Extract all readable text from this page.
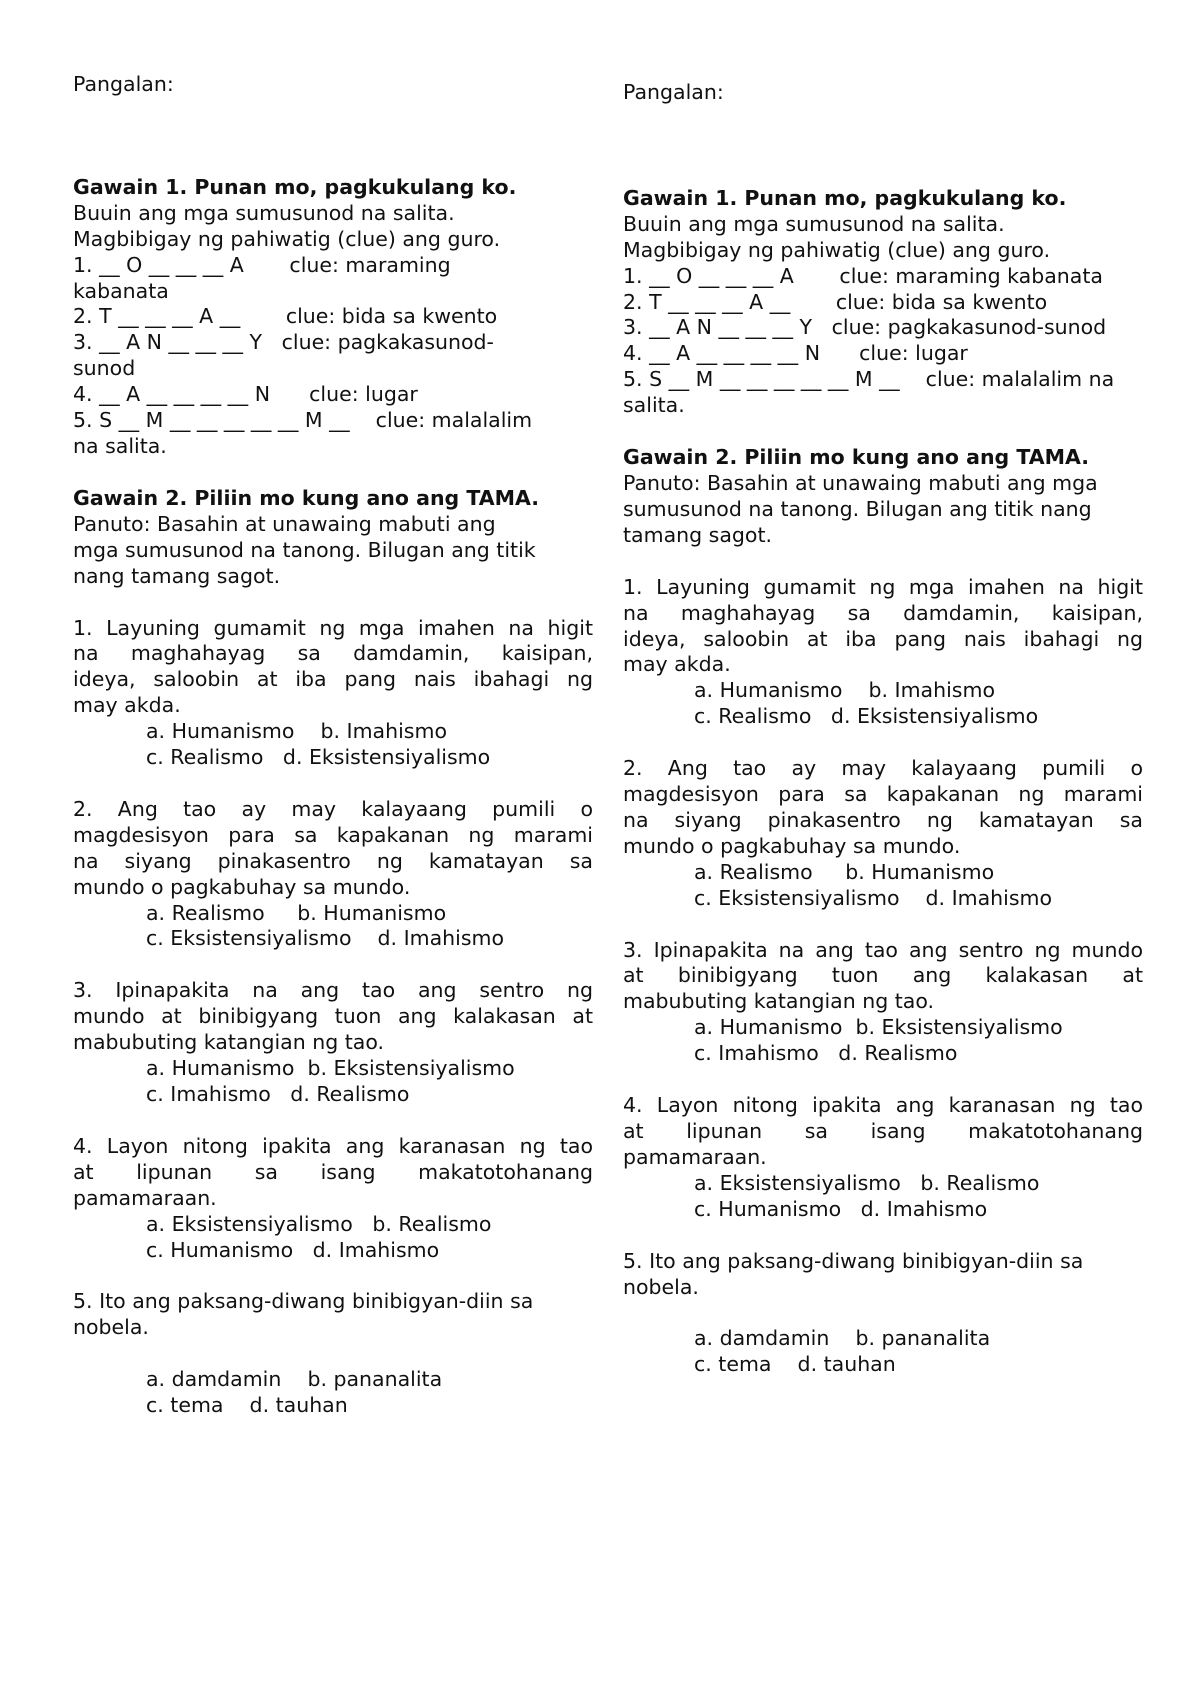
Pangalan:
Gawain 1. Punan mo, pagkukulang ko.
Buuin ang mga sumusunod na salita.
Magbibigay ng pahiwatig (clue) ang guro.
1. __ O __ __ __ A       clue: maraming
kabanata
2. T __ __ __ A __       clue: bida sa kwento
3. __ A N __ __ __ Y   clue: pagkakasunod-
sunod
4. __ A __ __ __ __ N      clue: lugar
5. S __ M __ __ __ __ __ M __    clue: malalalim
na salita.
Gawain 2. Piliin mo kung ano ang TAMA.
Panuto: Basahin at unawaing mabuti ang
mga sumusunod na tanong. Bilugan ang titik
nang tamang sagot.
1. Layuning gumamit ng mga imahen na higit
na maghahayag sa damdamin, kaisipan,
ideya, saloobin at iba pang nais ibahagi ng
may akda.
a. Humanismo    b. Imahismo
c. Realismo   d. Eksistensiyalismo
2. Ang tao ay may kalayaang pumili o
magdesisyon para sa kapakanan ng marami
na siyang pinakasentro ng kamatayan sa
mundo o pagkabuhay sa mundo.
a. Realismo     b. Humanismo
c. Eksistensiyalismo    d. Imahismo
3. Ipinapakita na ang tao ang sentro ng
mundo at binibigyang tuon ang kalakasan at
mabubuting katangian ng tao.
a. Humanismo  b. Eksistensiyalismo
c. Imahismo   d. Realismo
4. Layon nitong ipakita ang karanasan ng tao
at lipunan sa isang makatotohanang
pamamaraan.
a. Eksistensiyalismo   b. Realismo
c. Humanismo   d. Imahismo
5. Ito ang paksang-diwang binibigyan-diin sa
nobela.
a. damdamin    b. pananalita
c. tema    d. tauhan
Pangalan:
Gawain 1. Punan mo, pagkukulang ko.
Buuin ang mga sumusunod na salita.
Magbibigay ng pahiwatig (clue) ang guro.
1. __ O __ __ __ A       clue: maraming kabanata
2. T __ __ __ A __       clue: bida sa kwento
3. __ A N __ __ __ Y   clue: pagkakasunod-sunod
4. __ A __ __ __ __ N      clue: lugar
5. S __ M __ __ __ __ __ M __    clue: malalalim na
salita.
Gawain 2. Piliin mo kung ano ang TAMA.
Panuto: Basahin at unawaing mabuti ang mga
sumusunod na tanong. Bilugan ang titik nang
tamang sagot.
1. Layuning gumamit ng mga imahen na higit
na maghahayag sa damdamin, kaisipan,
ideya, saloobin at iba pang nais ibahagi ng
may akda.
a. Humanismo    b. Imahismo
c. Realismo   d. Eksistensiyalismo
2. Ang tao ay may kalayaang pumili o
magdesisyon para sa kapakanan ng marami
na siyang pinakasentro ng kamatayan sa
mundo o pagkabuhay sa mundo.
a. Realismo     b. Humanismo
c. Eksistensiyalismo    d. Imahismo
3. Ipinapakita na ang tao ang sentro ng mundo
at binibigyang tuon ang kalakasan at
mabubuting katangian ng tao.
a. Humanismo  b. Eksistensiyalismo
c. Imahismo   d. Realismo
4. Layon nitong ipakita ang karanasan ng tao
at lipunan sa isang makatotohanang
pamamaraan.
a. Eksistensiyalismo   b. Realismo
c. Humanismo   d. Imahismo
5. Ito ang paksang-diwang binibigyan-diin sa
nobela.
a. damdamin    b. pananalita
c. tema    d. tauhan
